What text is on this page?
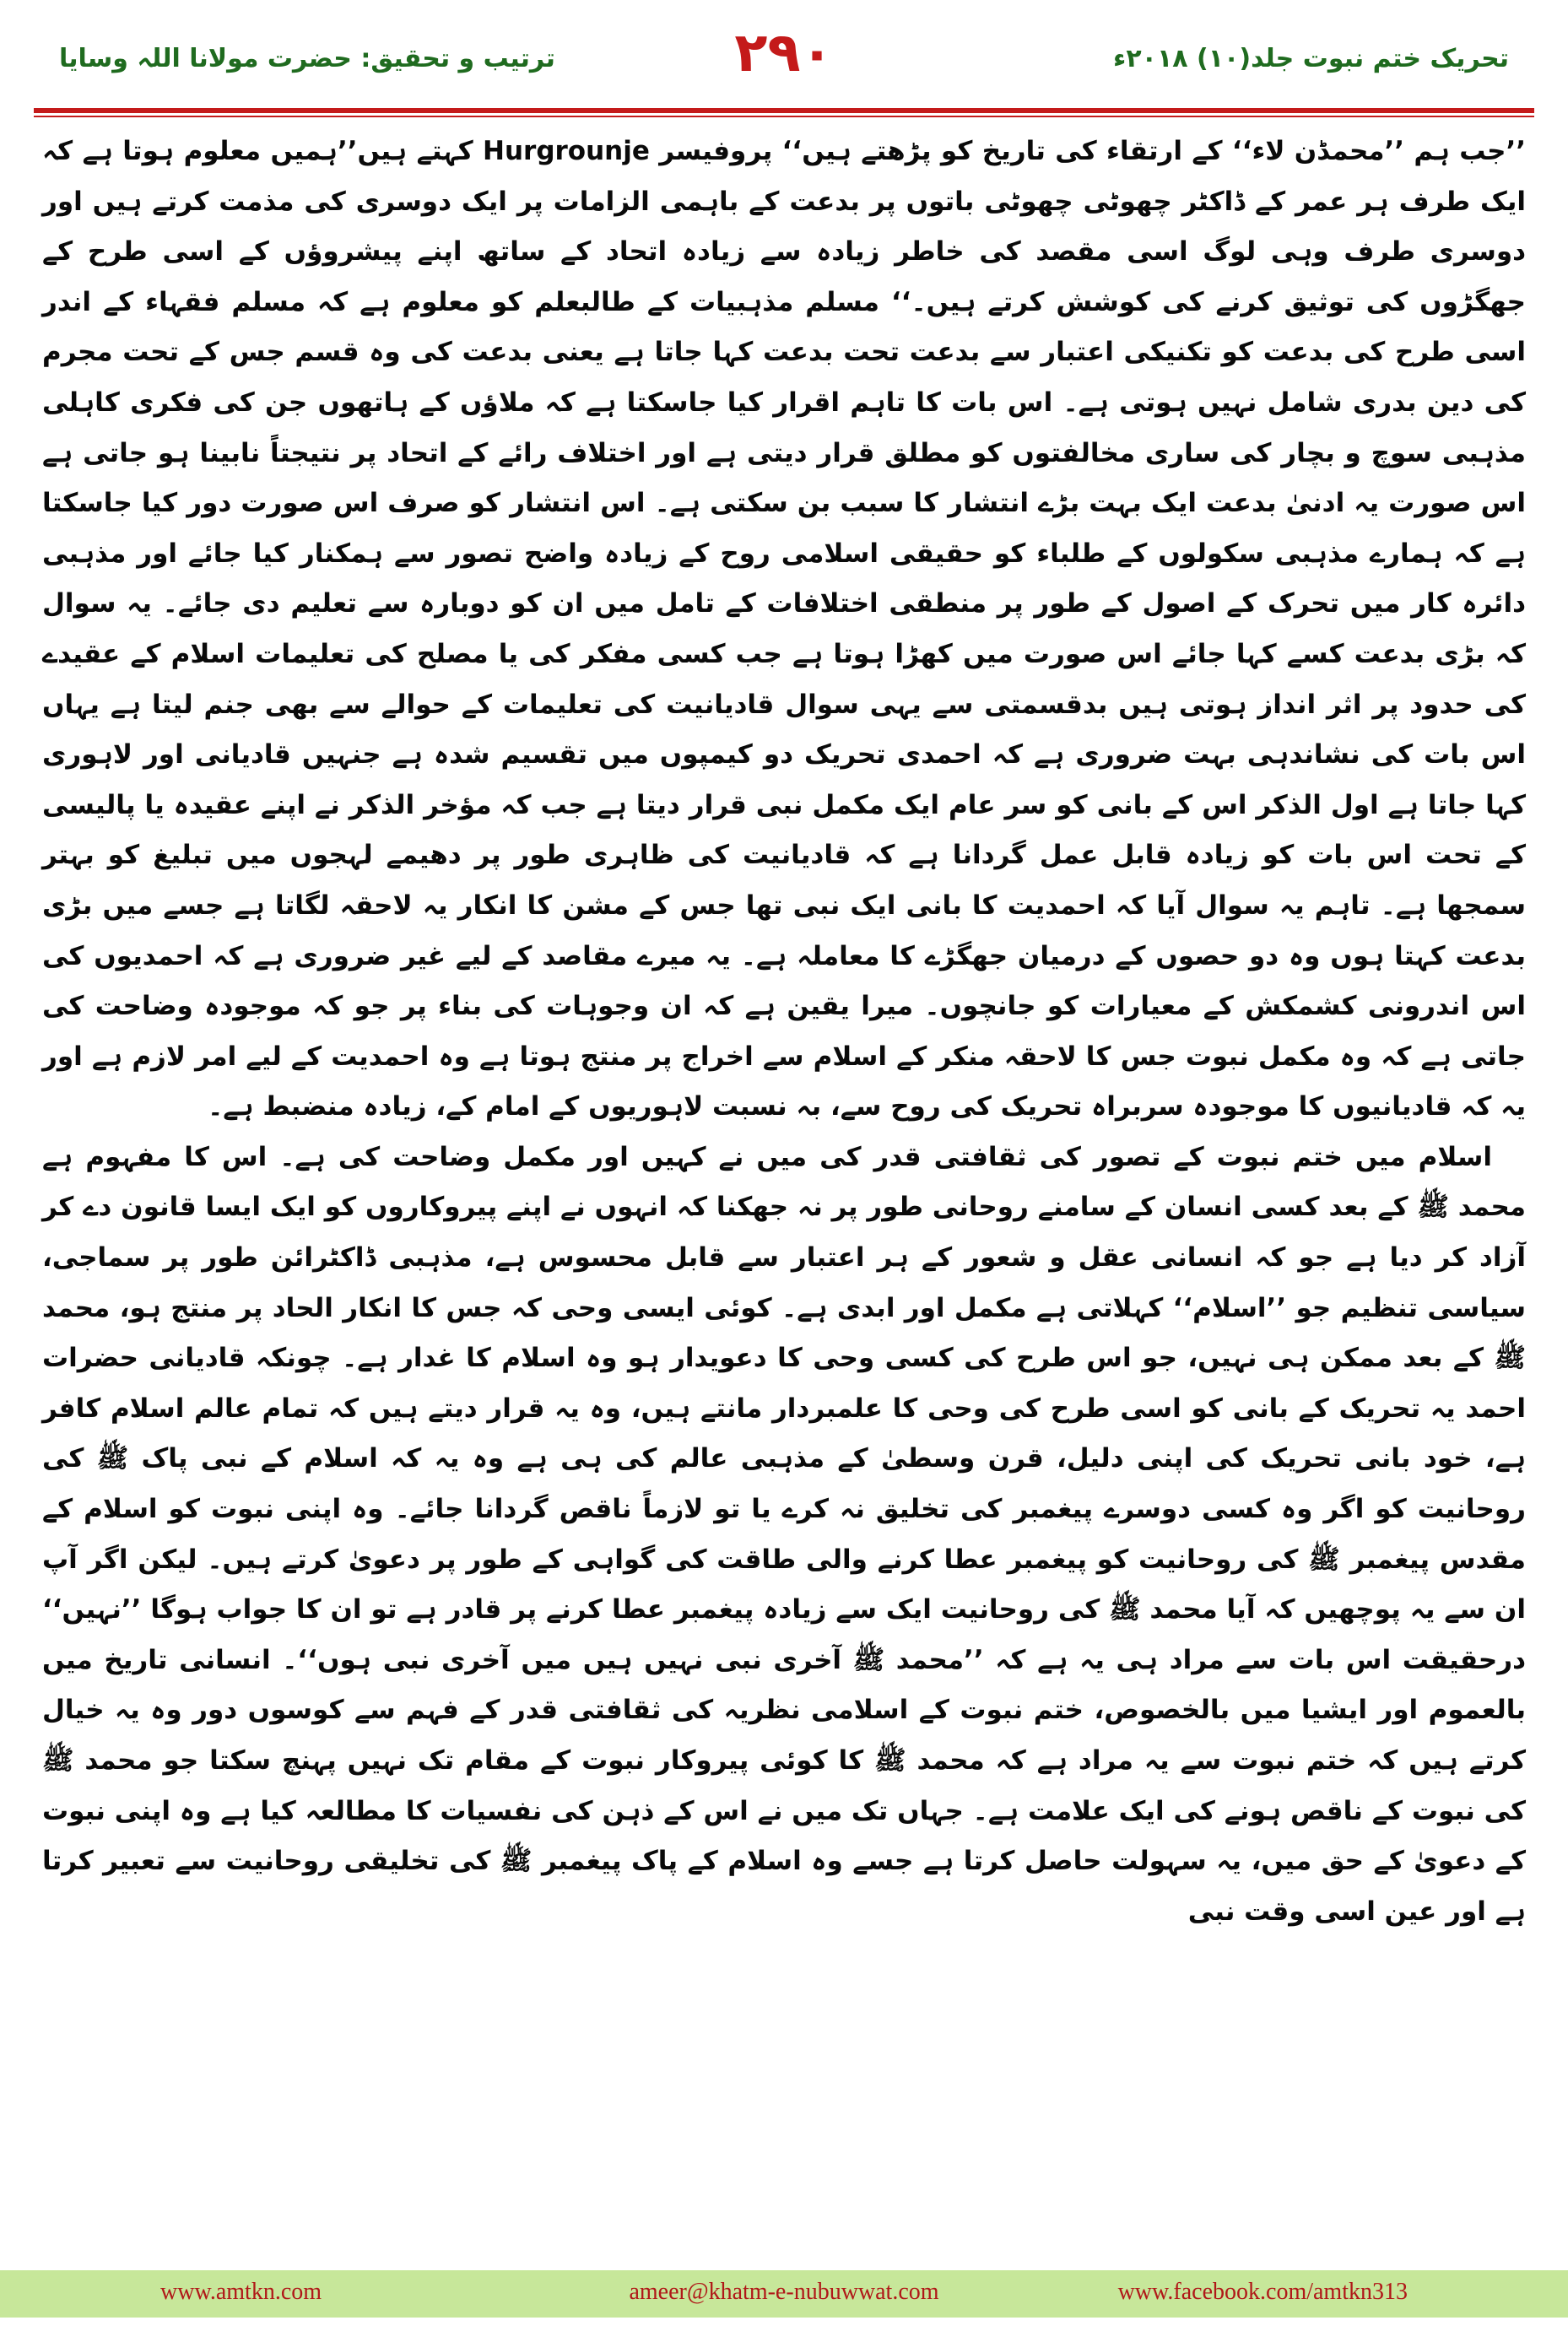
ترتیب و تحقیق: حضرت مولانا اللہ وسایا	۲۹۰	تحریک ختم نبوت جلد(۱۰) ۲۰۱۸ء

’’جب ہم ’’محمڈن لاء‘‘ کے ارتقاء کی تاریخ کو پڑھتے ہیں‘‘ پروفیسر Hurgrounje کہتے ہیں’’ہمیں معلوم ہوتا ہے کہ ایک طرف ہر عمر کے ڈاکٹر چھوٹی چھوٹی باتوں پر بدعت کے باہمی الزامات پر ایک دوسری کی مذمت کرتے ہیں اور دوسری طرف وہی لوگ اسی مقصد کی خاطر زیادہ سے زیادہ اتحاد کے ساتھ اپنے پیشروؤں کے اسی طرح کے جھگڑوں کی توثیق کرنے کی کوشش کرتے ہیں۔‘‘ مسلم مذہبیات کے طالبعلم کو معلوم ہے کہ مسلم فقہاء کے اندر اسی طرح کی بدعت کو تکنیکی اعتبار سے بدعت تحت بدعت کہا جاتا ہے یعنی بدعت کی وہ قسم جس کے تحت مجرم کی دین بدری شامل نہیں ہوتی ہے۔ اس بات کا تاہم اقرار کیا جاسکتا ہے کہ ملاؤں کے ہاتھوں جن کی فکری کاہلی مذہبی سوچ و بچار کی ساری مخالفتوں کو مطلق قرار دیتی ہے اور اختلاف رائے کے اتحاد پر نتیجتاً نابینا ہو جاتی ہے اس صورت یہ ادنیٰ بدعت ایک بہت بڑے انتشار کا سبب بن سکتی ہے۔ اس انتشار کو صرف اس صورت دور کیا جاسکتا ہے کہ ہمارے مذہبی سکولوں کے طلباء کو حقیقی اسلامی روح کے زیادہ واضح تصور سے ہمکنار کیا جائے اور مذہبی دائرہ کار میں تحرک کے اصول کے طور پر منطقی اختلافات کے تامل میں ان کو دوبارہ سے تعلیم دی جائے۔ یہ سوال کہ بڑی بدعت کسے کہا جائے اس صورت میں کھڑا ہوتا ہے جب کسی مفکر کی یا مصلح کی تعلیمات اسلام کے عقیدے کی حدود پر اثر انداز ہوتی ہیں بدقسمتی سے یہی سوال قادیانیت کی تعلیمات کے حوالے سے بھی جنم لیتا ہے یہاں اس بات کی نشاندہی بہت ضروری ہے کہ احمدی تحریک دو کیمپوں میں تقسیم شدہ ہے جنہیں قادیانی اور لاہوری کہا جاتا ہے اول الذکر اس کے بانی کو سر عام ایک مکمل نبی قرار دیتا ہے جب کہ مؤخر الذکر نے اپنے عقیدہ یا پالیسی کے تحت اس بات کو زیادہ قابل عمل گردانا ہے کہ قادیانیت کی ظاہری طور پر دھیمے لہجوں میں تبلیغ کو بہتر سمجھا ہے۔ تاہم یہ سوال آیا کہ احمدیت کا بانی ایک نبی تھا جس کے مشن کا انکار یہ لاحقہ لگاتا ہے جسے میں بڑی بدعت کہتا ہوں وہ دو حصوں کے درمیان جھگڑے کا معاملہ ہے۔ یہ میرے مقاصد کے لیے غیر ضروری ہے کہ احمدیوں کی اس اندرونی کشمکش کے معیارات کو جانچوں۔ میرا یقین ہے کہ ان وجوہات کی بناء پر جو کہ موجودہ وضاحت کی جاتی ہے کہ وہ مکمل نبوت جس کا لاحقہ منکر کے اسلام سے اخراج پر منتج ہوتا ہے وہ احمدیت کے لیے امر لازم ہے اور یہ کہ قادیانیوں کا موجودہ سربراہ تحریک کی روح سے، بہ نسبت لاہوریوں کے امام کے، زیادہ منضبط ہے۔

اسلام میں ختم نبوت کے تصور کی ثقافتی قدر کی میں نے کہیں اور مکمل وضاحت کی ہے۔ اس کا مفہوم ہے محمد ﷺ کے بعد کسی انسان کے سامنے روحانی طور پر نہ جھکنا کہ انہوں نے اپنے پیروکاروں کو ایک ایسا قانون دے کر آزاد کر دیا ہے جو کہ انسانی عقل و شعور کے ہر اعتبار سے قابل محسوس ہے، مذہبی ڈاکٹرائن طور پر سماجی، سیاسی تنظیم جو ’’اسلام‘‘ کہلاتی ہے مکمل اور ابدی ہے۔ کوئی ایسی وحی کہ جس کا انکار الحاد پر منتج ہو، محمد ﷺ کے بعد ممکن ہی نہیں، جو اس طرح کی کسی وحی کا دعویدار ہو وہ اسلام کا غدار ہے۔ چونکہ قادیانی حضرات احمد یہ تحریک کے بانی کو اسی طرح کی وحی کا علمبردار مانتے ہیں، وہ یہ قرار دیتے ہیں کہ تمام عالم اسلام کافر ہے، خود بانی تحریک کی اپنی دلیل، قرن وسطیٰ کے مذہبی عالم کی ہی ہے وہ یہ کہ اسلام کے نبی پاک ﷺ کی روحانیت کو اگر وہ کسی دوسرے پیغمبر کی تخلیق نہ کرے یا تو لازماً ناقص گردانا جائے۔ وہ اپنی نبوت کو اسلام کے مقدس پیغمبر ﷺ کی روحانیت کو پیغمبر عطا کرنے والی طاقت کی گواہی کے طور پر دعویٰ کرتے ہیں۔ لیکن اگر آپ ان سے یہ پوچھیں کہ آیا محمد ﷺ کی روحانیت ایک سے زیادہ پیغمبر عطا کرنے پر قادر ہے تو ان کا جواب ہوگا ’’نہیں‘‘ درحقیقت اس بات سے مراد ہی یہ ہے کہ ’’محمد ﷺ آخری نبی نہیں ہیں میں آخری نبی ہوں‘‘۔ انسانی تاریخ میں بالعموم اور ایشیا میں بالخصوص، ختم نبوت کے اسلامی نظریہ کی ثقافتی قدر کے فہم سے کوسوں دور وہ یہ خیال کرتے ہیں کہ ختم نبوت سے یہ مراد ہے کہ محمد ﷺ کا کوئی پیروکار نبوت کے مقام تک نہیں پہنچ سکتا جو محمد ﷺ کی نبوت کے ناقص ہونے کی ایک علامت ہے۔ جہاں تک میں نے اس کے ذہن کی نفسیات کا مطالعہ کیا ہے وہ اپنی نبوت کے دعویٰ کے حق میں، یہ سہولت حاصل کرتا ہے جسے وہ اسلام کے پاک پیغمبر ﷺ کی تخلیقی روحانیت سے تعبیر کرتا ہے اور عین اسی وقت نبی

www.amtkn.com	ameer@khatm-e-nubuwwat.com	www.facebook.com/amtkn313
